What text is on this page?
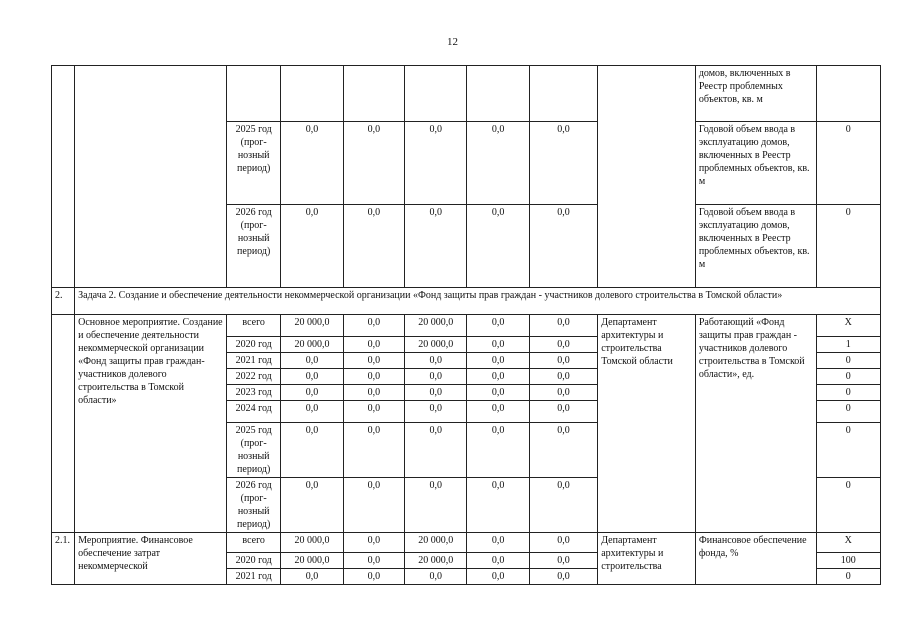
12
									домов, включенных в Реестр проблемных объектов, кв. м	
		2025 год (прог-нозный период)	0,0	0,0	0,0	0,0	0,0		Годовой объем ввода в эксплуатацию домов, включенных в Реестр проблемных объектов, кв. м	0
		2026 год (прог-нозный период)	0,0	0,0	0,0	0,0	0,0		Годовой объем ввода в эксплуатацию домов, включенных в Реестр проблемных объектов, кв. м	0
2.	Задача 2. Создание и обеспечение деятельности некоммерческой организации «Фонд защиты прав граждан - участников долевого строительства в Томской области»									
	Основное мероприятие. Создание и обеспечение деятельности некоммерческой организации «Фонд защиты прав граждан-участников долевого строительства в Томской области»	всего	20 000,0	0,0	20 000,0	0,0	0,0	Департамент архитектуры и строительства Томской области	Работающий «Фонд защиты прав граждан - участников долевого строительства в Томской области», ед.	Х
		2020 год	20 000,0	0,0	20 000,0	0,0	0,0			1
		2021 год	0,0	0,0	0,0	0,0	0,0			0
		2022 год	0,0	0,0	0,0	0,0	0,0			0
		2023 год	0,0	0,0	0,0	0,0	0,0			0
		2024 год	0,0	0,0	0,0	0,0	0,0			0
		2025 год (прог-нозный период)	0,0	0,0	0,0	0,0	0,0			0
		2026 год (прог-нозный период)	0,0	0,0	0,0	0,0	0,0			0
2.1.	Мероприятие. Финансовое обеспечение затрат некоммерческой	всего	20 000,0	0,0	20 000,0	0,0	0,0	Департамент архитектуры и строительства	Финансовое обеспечение фонда, %	Х
		2020 год	20 000,0	0,0	20 000,0	0,0	0,0			100
		2021 год	0,0	0,0	0,0	0,0	0,0			0
